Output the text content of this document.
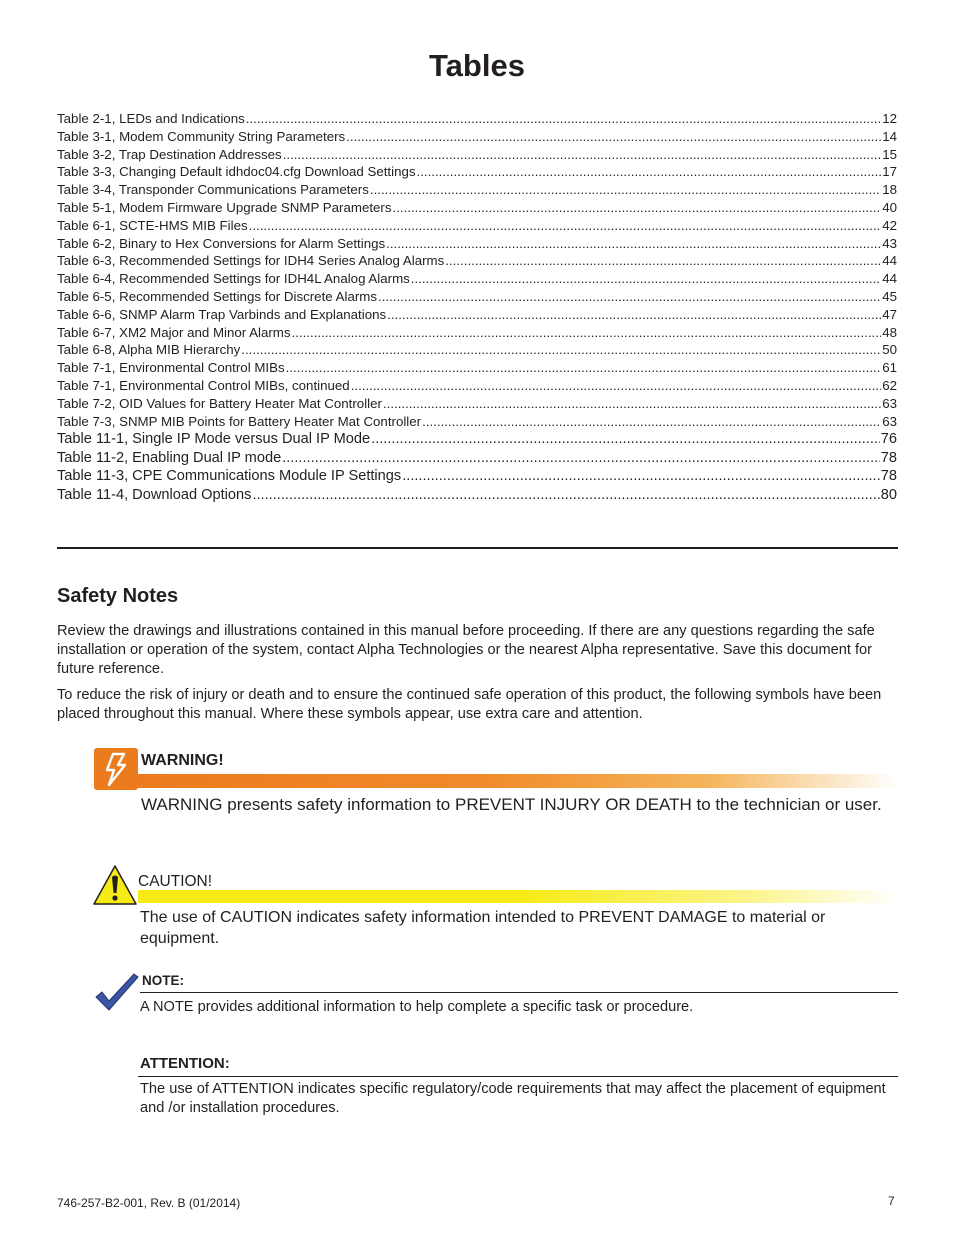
Tables
Table 2-1, LEDs and Indications .....	12
Table 3-1, Modem Community String Parameters .....	14
Table 3-2, Trap Destination Addresses .....	15
Table 3-3, Changing Default idhdoc04.cfg Download Settings .....	17
Table 3-4, Transponder Communications Parameters .....	18
Table 5-1, Modem Firmware Upgrade SNMP Parameters .....	40
Table 6-1, SCTE-HMS MIB Files .....	42
Table 6-2, Binary to Hex Conversions for Alarm Settings .....	43
Table 6-3, Recommended Settings for IDH4 Series Analog Alarms .....	44
Table 6-4, Recommended Settings for IDH4L Analog Alarms .....	44
Table 6-5, Recommended Settings for Discrete Alarms .....	45
Table 6-6, SNMP Alarm Trap Varbinds and Explanations .....	47
Table 6-7, XM2 Major and Minor Alarms .....	48
Table 6-8, Alpha MIB Hierarchy .....	50
Table 7-1, Environmental Control MIBs .....	61
Table 7-1, Environmental Control MIBs, continued .....	62
Table 7-2, OID Values for Battery Heater Mat Controller .....	63
Table 7-3, SNMP MIB Points for Battery Heater Mat Controller .....	63
Table 11-1, Single IP Mode versus Dual IP Mode .....	76
Table 11-2, Enabling Dual IP mode .....	78
Table 11-3, CPE Communications Module IP Settings .....	78
Table 11-4, Download Options .....	80
Safety Notes

Review the drawings and illustrations contained in this manual before proceeding. If there are any questions regarding the safe installation or operation of the system, contact Alpha Technologies or the nearest Alpha representative. Save this document for future reference.

To reduce the risk of injury or death and to ensure the continued safe operation of this product, the following symbols have been placed throughout this manual. Where these symbols appear, use extra care and attention.

WARNING!

WARNING presents safety information to PREVENT INJURY OR DEATH to the technician or user.

CAUTION!

The use of CAUTION indicates safety information intended to PREVENT DAMAGE to material or equipment.

NOTE:

A NOTE provides additional information to help complete a specific task or procedure.

ATTENTION:

The use of ATTENTION indicates specific regulatory/code requirements that may affect the placement of equipment and /or installation procedures.

746-257-B2-001, Rev. B (01/2014)	7
